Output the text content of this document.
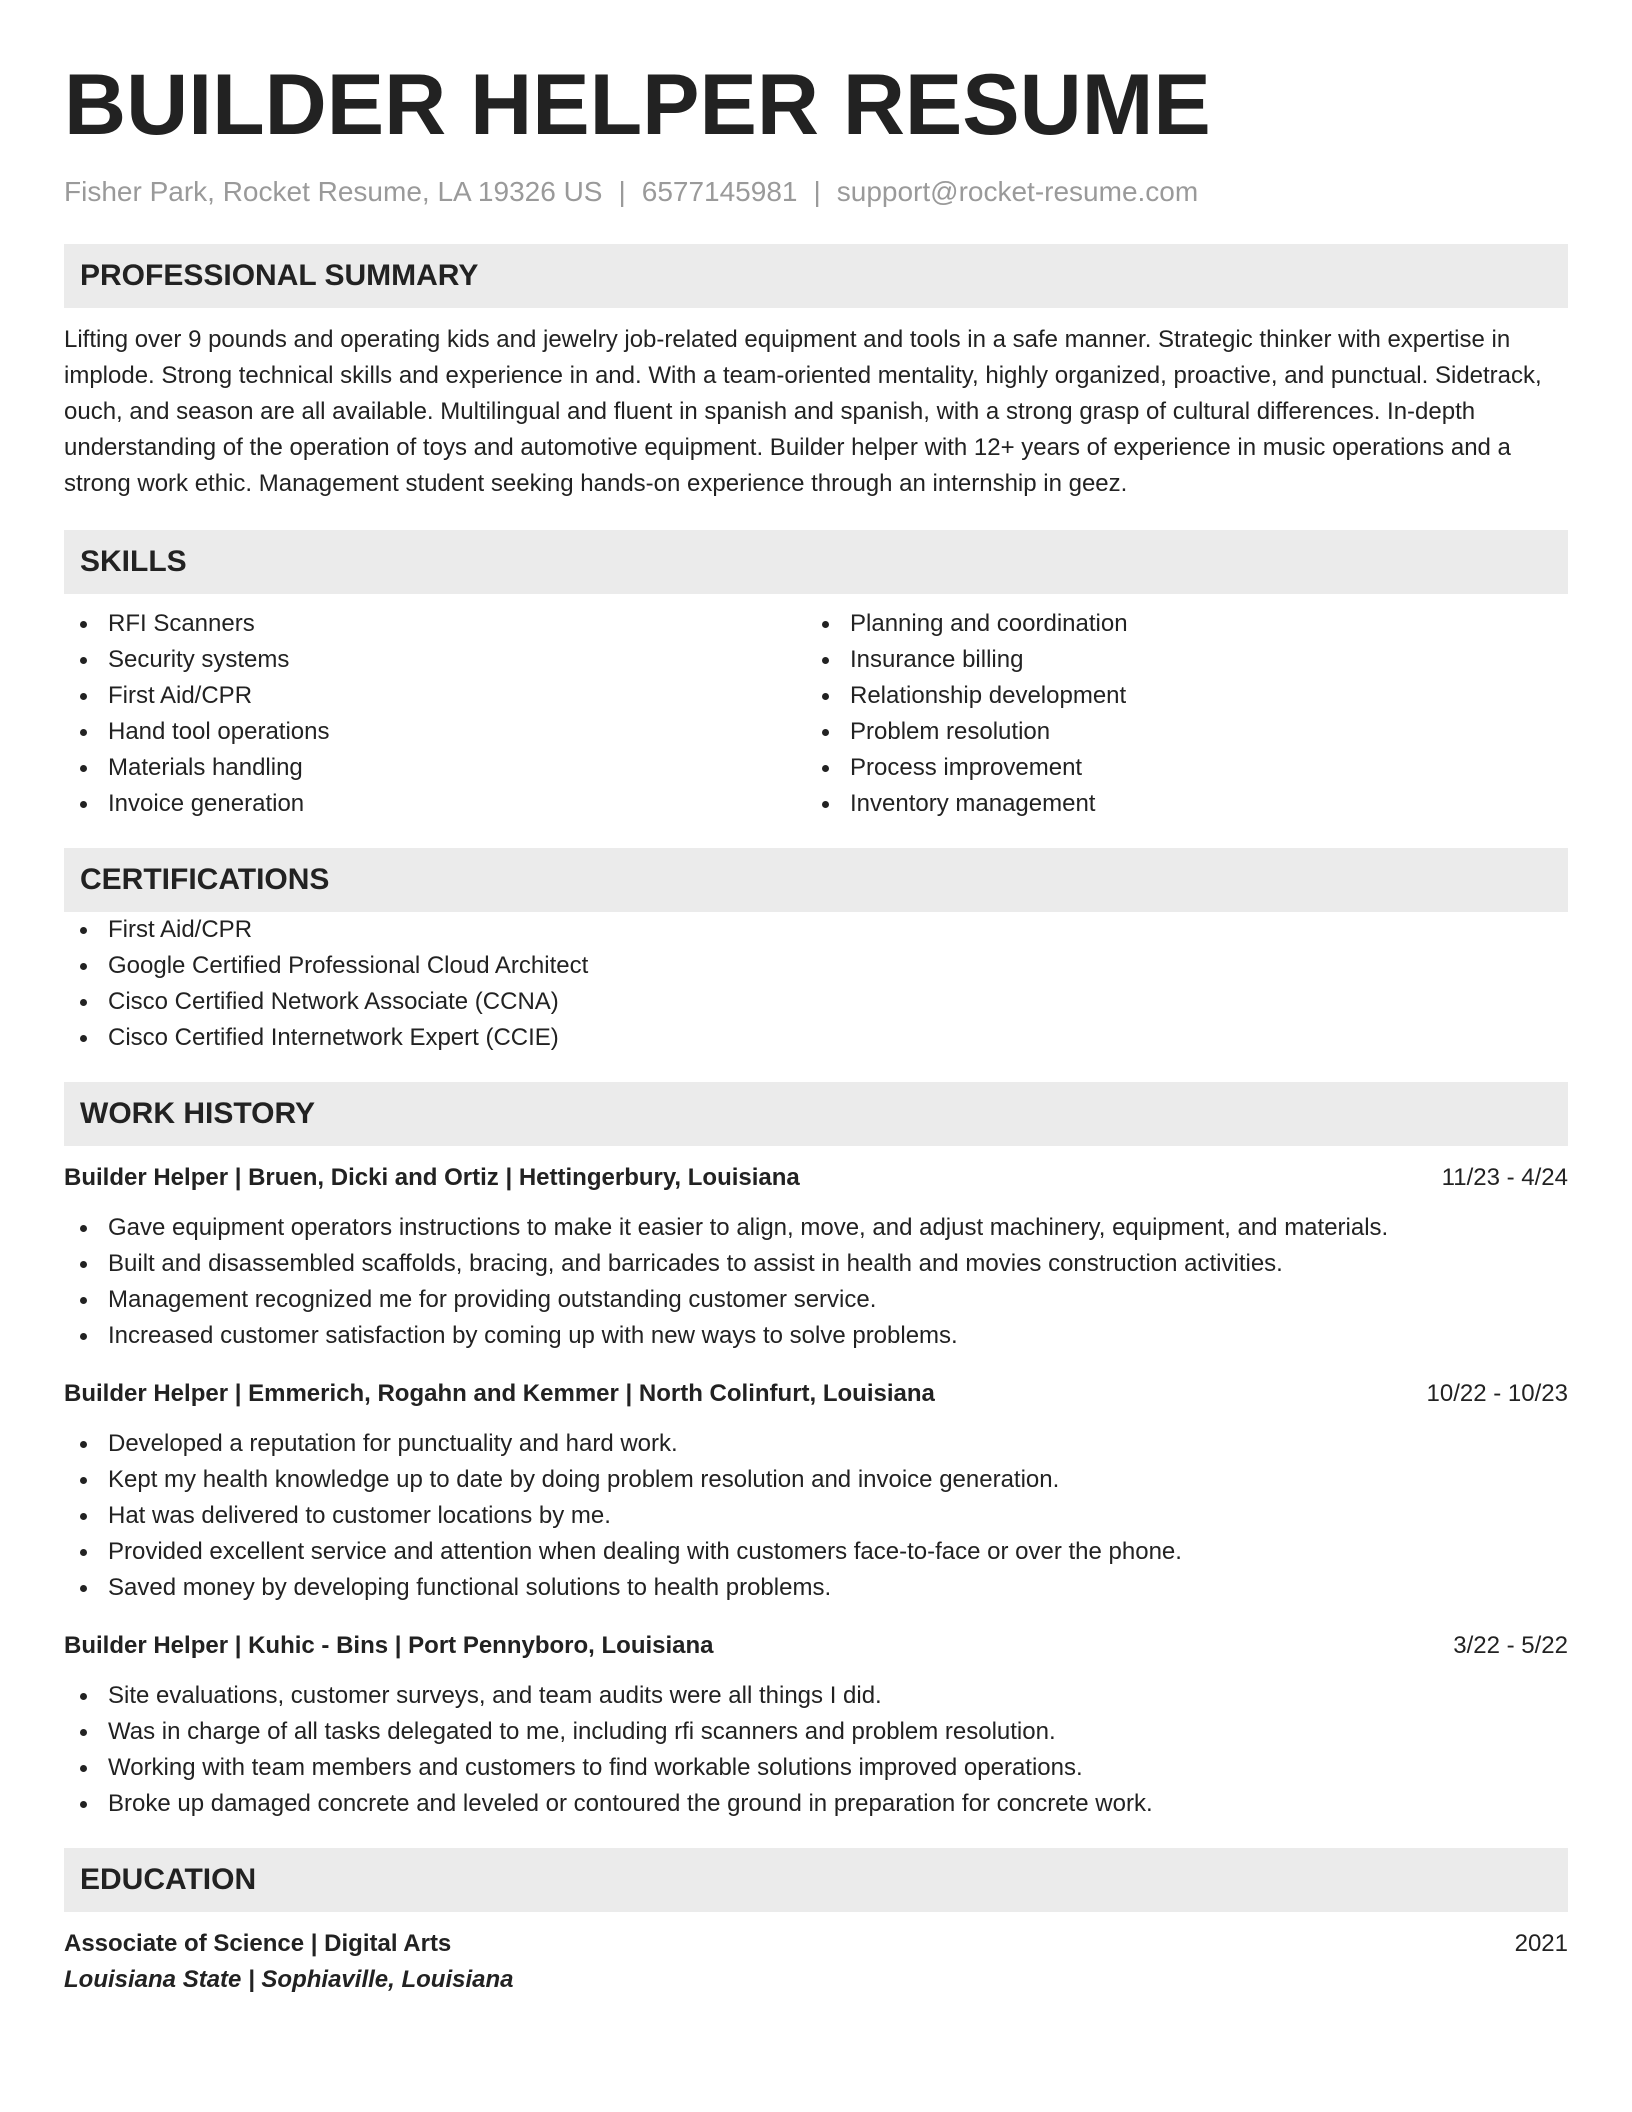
BUILDER HELPER RESUME
Fisher Park, Rocket Resume, LA 19326 US | 6577145981 | support@rocket-resume.com
PROFESSIONAL SUMMARY

Lifting over 9 pounds and operating kids and jewelry job-related equipment and tools in a safe manner. Strategic thinker with expertise in implode. Strong technical skills and experience in and. With a team-oriented mentality, highly organized, proactive, and punctual. Sidetrack, ouch, and season are all available. Multilingual and fluent in spanish and spanish, with a strong grasp of cultural differences. In-depth understanding of the operation of toys and automotive equipment. Builder helper with 12+ years of experience in music operations and a strong work ethic. Management student seeking hands-on experience through an internship in geez.

SKILLS
RFI Scanners
Security systems
First Aid/CPR
Hand tool operations
Materials handling
Invoice generation
Planning and coordination
Insurance billing
Relationship development
Problem resolution
Process improvement
Inventory management
CERTIFICATIONS
First Aid/CPR
Google Certified Professional Cloud Architect
Cisco Certified Network Associate (CCNA)
Cisco Certified Internetwork Expert (CCIE)
WORK HISTORY
Builder Helper | Bruen, Dicki and Ortiz | Hettingerbury, Louisiana	11/23 - 4/24
Gave equipment operators instructions to make it easier to align, move, and adjust machinery, equipment, and materials.
Built and disassembled scaffolds, bracing, and barricades to assist in health and movies construction activities.
Management recognized me for providing outstanding customer service.
Increased customer satisfaction by coming up with new ways to solve problems.
Builder Helper | Emmerich, Rogahn and Kemmer | North Colinfurt, Louisiana	10/22 - 10/23
Developed a reputation for punctuality and hard work.
Kept my health knowledge up to date by doing problem resolution and invoice generation.
Hat was delivered to customer locations by me.
Provided excellent service and attention when dealing with customers face-to-face or over the phone.
Saved money by developing functional solutions to health problems.
Builder Helper | Kuhic - Bins | Port Pennyboro, Louisiana	3/22 - 5/22
Site evaluations, customer surveys, and team audits were all things I did.
Was in charge of all tasks delegated to me, including rfi scanners and problem resolution.
Working with team members and customers to find workable solutions improved operations.
Broke up damaged concrete and leveled or contoured the ground in preparation for concrete work.
EDUCATION
Associate of Science | Digital Arts	2021
Louisiana State | Sophiaville, Louisiana
